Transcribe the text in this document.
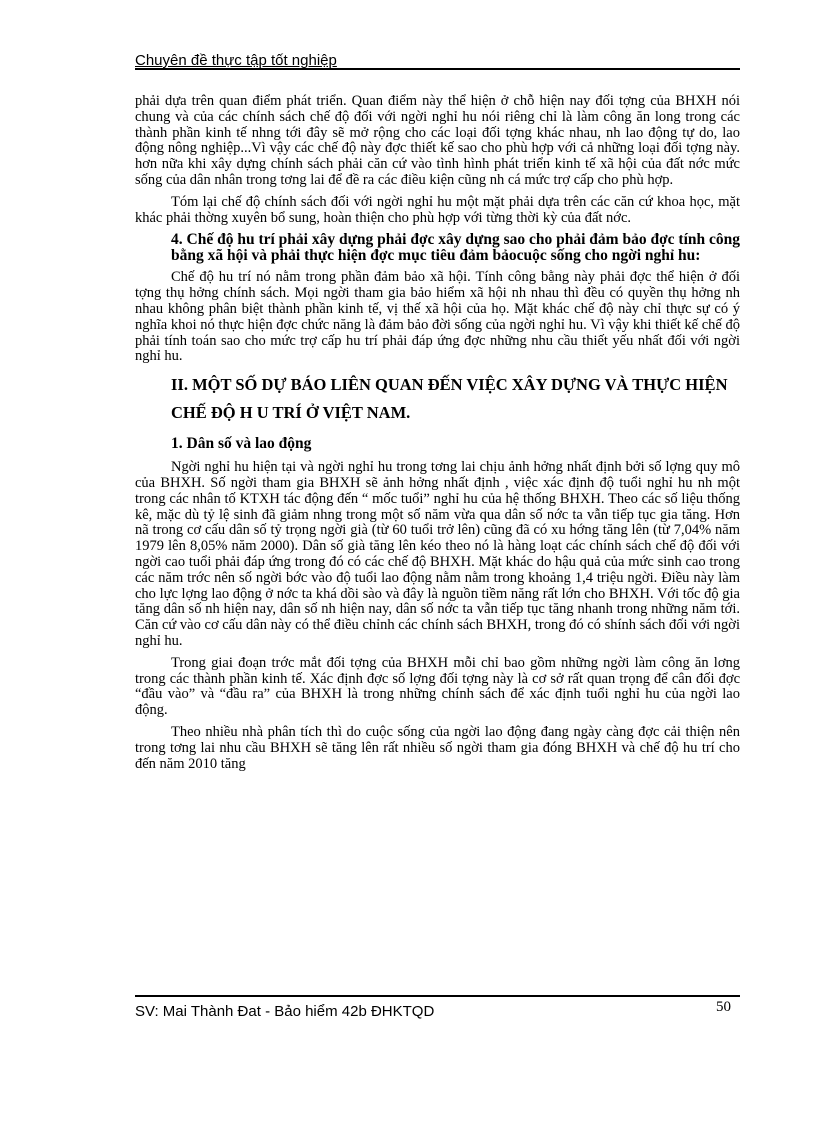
Chuyên đề thực tập tốt nghiệp

phải dựa trên quan điểm phát triển. Quan điểm này thể hiện ở chỗ hiện nay đối tợng của BHXH nói chung và của các chính sách chế độ đối với ngời nghỉ hu nói riêng chỉ là làm công ăn long trong các thành phần kinh tế nhng tới đây sẽ mở rộng cho các loại đối tợng khác nhau, nh lao động tự do, lao động nông nghiệp...Vì vậy các chế độ này đợc thiết kế sao cho phù hợp với cả những loại đối tợng này. hơn nữa khi xây dựng chính sách phải căn cứ vào tình hình phát triển kinh tế xã hội của đất nớc mức sống của dân nhân trong tơng lai để đề ra các điều kiện cũng nh cá mức trợ cấp cho phù hợp.

Tóm lại chế độ chính sách đối với ngời nghỉ hu một mặt phải dựa trên các căn cứ khoa học, mặt khác phải thờng xuyên bổ sung, hoàn thiện cho phù hợp với từng thời kỳ của đất nớc.

4. Chế độ hu trí phải xây dựng phải đợc xây dựng sao cho phải đảm bảo đợc tính công bằng xã hội và phải thực hiện đợc mục tiêu đảm bảocuộc sống cho ngời nghỉ hu:

Chế độ hu trí nó nằm trong phần đảm bảo xã hội. Tính công bằng này phải đợc thể hiện ở đối tợng thụ hởng chính sách. Mọi ngời tham gia bảo hiểm xã hội nh nhau thì đều có quyền thụ hởng nh nhau không phân biệt thành phần kinh tế, vị thế xã hội của họ. Mặt khác chế độ này chỉ thực sự có ý nghĩa khoi nó thực hiện đợc chức năng là đảm bảo đời sống của ngời nghỉ hu. Vì vậy khi thiết kế chế độ phải tính toán sao cho mức trợ cấp hu trí phải đáp ứng đợc những nhu cầu thiết yếu nhất đối với ngời nghỉ hu.

II. MỘT SỐ DỰ BÁO LIÊN QUAN ĐẾN VIỆC XÂY DỰNG VÀ THỰC HIỆN CHẾ ĐỘ H U TRÍ Ở VIỆT NAM.
1. Dân số và lao động

Ngời nghỉ hu hiện tại và ngời nghỉ hu trong tơng lai chịu ảnh hởng nhất định bởi số lợng quy mô của BHXH. Số ngời tham gia BHXH sẽ ảnh hởng nhất định , việc xác định độ tuổi nghỉ hu nh một trong các nhân tố KTXH tác động đến “ mốc tuổi” nghỉ hu của hệ thống BHXH. Theo các số liệu thống kê, mặc dù tỷ lệ sinh đã giảm nhng trong một số năm vừa qua dân số nớc ta vẫn tiếp tục gia tăng. Hơn nã trong cơ cấu dân số tỷ trọng ngời già (từ 60 tuổi trở lên) cũng đã có xu hớng tăng lên (từ 7,04% năm 1979 lên 8,05% năm 2000). Dân số già tăng lên kéo theo nó là hàng loạt các chính sách chế độ đối với ngời cao tuổi phải đáp ứng trong đó có các chế độ BHXH. Mặt khác do hậu quả của mức sinh cao trong các năm trớc nên số ngời bớc vào độ tuổi lao động nằm nằm trong khoảng 1,4 triệu ngời. Điều này làm cho lực lợng lao động ở nớc ta khá dồi sào và đây là nguồn tiềm năng rất lớn cho BHXH. Với tốc độ gia tăng dân số nh hiện nay, dân số nh hiện nay, dân số nớc ta vẫn tiếp tục tăng nhanh trong những năm tới. Căn cứ vào cơ cấu dân này có thể điều chỉnh các chính sách BHXH, trong đó có shính sách đối với ngời nghỉ hu.

Trong giai đoạn trớc mắt đối tợng của BHXH mỗi chỉ bao gồm những ngời làm công ăn lơng trong các thành phần kinh tế. Xác định đợc số lợng đối tợng này là cơ sở rất quan trọng để cân đối đợc “đầu vào” và “đầu ra” của BHXH là trong những chính sách để xác định tuổi nghỉ hu của ngời lao động.

Theo nhiều nhà phân tích thì do cuộc sống của ngời lao động đang ngày càng đợc cải thiện nên trong tơng lai nhu cầu BHXH sẽ tăng lên rất nhiều số ngời tham gia đóng BHXH và chế độ hu trí cho đến năm 2010 tăng

SV: Mai Thành Đat - Bảo hiểm 42b ĐHKTQD	50
